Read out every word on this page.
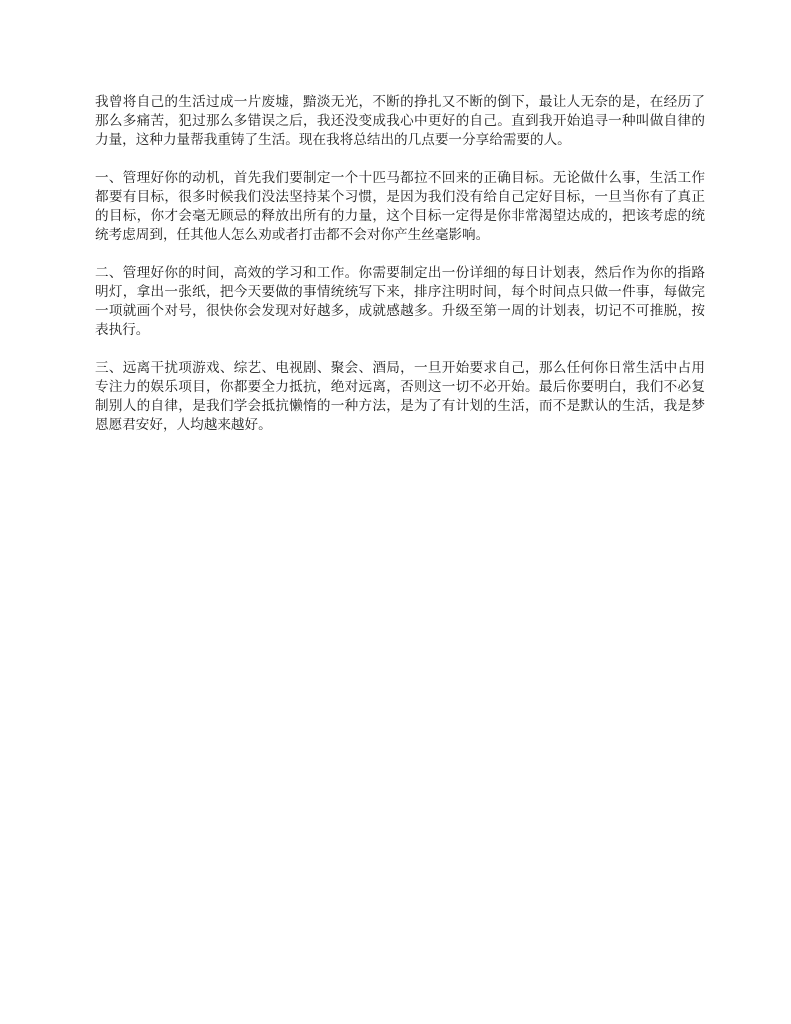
我曾将自己的生活过成一片废墟，黯淡无光，不断的挣扎又不断的倒下，最让人无奈的是，在经历了那么多痛苦，犯过那么多错误之后，我还没变成我心中更好的自己。直到我开始追寻一种叫做自律的力量，这种力量帮我重铸了生活。现在我将总结出的几点要一分享给需要的人。

一、管理好你的动机，首先我们要制定一个十匹马都拉不回来的正确目标。无论做什么事，生活工作都要有目标，很多时候我们没法坚持某个习惯，是因为我们没有给自己定好目标，一旦当你有了真正的目标，你才会毫无顾忌的释放出所有的力量，这个目标一定得是你非常渴望达成的，把该考虑的统统考虑周到，任其他人怎么劝或者打击都不会对你产生丝毫影响。

二、管理好你的时间，高效的学习和工作。你需要制定出一份详细的每日计划表，然后作为你的指路明灯，拿出一张纸，把今天要做的事情统统写下来，排序注明时间，每个时间点只做一件事，每做完一项就画个对号，很快你会发现对好越多，成就感越多。升级至第一周的计划表，切记不可推脱，按表执行。

三、远离干扰项游戏、综艺、电视剧、聚会、酒局，一旦开始要求自己，那么任何你日常生活中占用专注力的娱乐项目，你都要全力抵抗，绝对远离，否则这一切不必开始。最后你要明白，我们不必复制别人的自律，是我们学会抵抗懒惰的一种方法，是为了有计划的生活，而不是默认的生活，我是梦恩愿君安好，人均越来越好。
